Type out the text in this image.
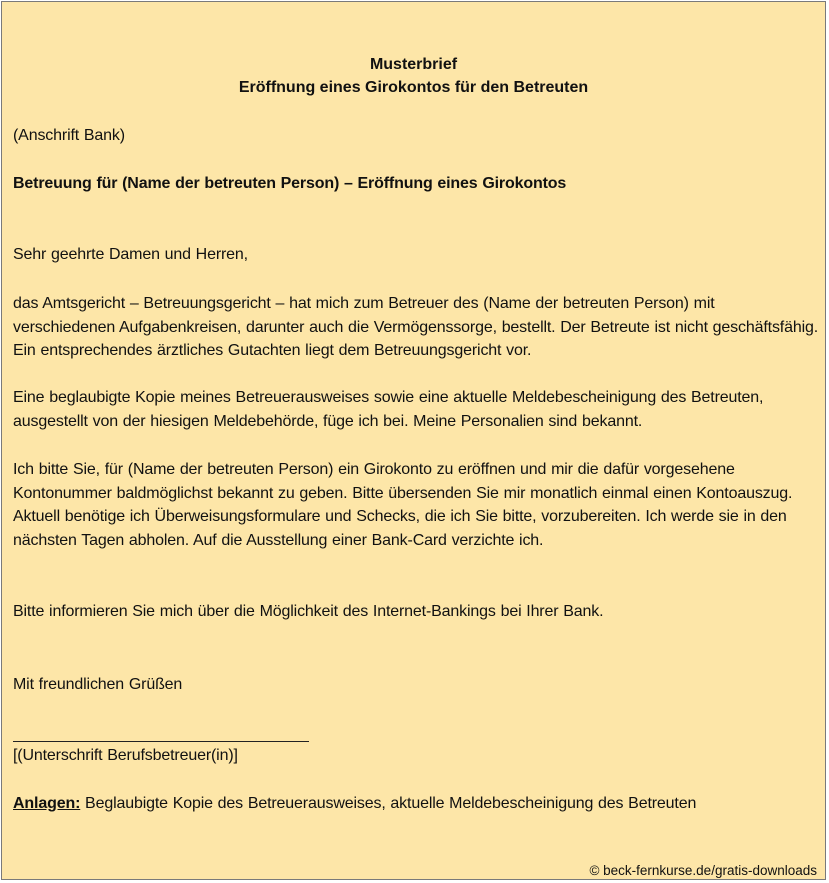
Musterbrief
Eröffnung eines Girokontos für den Betreuten
(Anschrift Bank)
Betreuung für (Name der betreuten Person) – Eröffnung eines Girokontos
Sehr geehrte Damen und Herren,
das Amtsgericht – Betreuungsgericht – hat mich zum Betreuer des (Name der betreuten Person) mit verschiedenen Aufgabenkreisen, darunter auch die Vermögenssorge, bestellt. Der Betreute ist nicht geschäftsfähig. Ein entsprechendes ärztliches Gutachten liegt dem Betreuungsgericht vor.
Eine beglaubigte Kopie meines Betreuerausweises sowie eine aktuelle Meldebescheinigung des Betreuten, ausgestellt von der hiesigen Meldebehörde, füge ich bei. Meine Personalien sind bekannt.
Ich bitte Sie, für (Name der betreuten Person) ein Girokonto zu eröffnen und mir die dafür vorgesehene Kontonummer baldmöglichst bekannt zu geben. Bitte übersenden Sie mir monatlich einmal einen Kontoauszug. Aktuell benötige ich Überweisungsformulare und Schecks, die ich Sie bitte, vorzubereiten. Ich werde sie in den nächsten Tagen abholen. Auf die Ausstellung einer Bank-Card verzichte ich.
Bitte informieren Sie mich über die Möglichkeit des Internet-Bankings bei Ihrer Bank.
Mit freundlichen Grüßen
[(Unterschrift Berufsbetreuer(in)]
Anlagen: Beglaubigte Kopie des Betreuerausweises, aktuelle Meldebescheinigung des Betreuten
© beck-fernkurse.de/gratis-downloads
